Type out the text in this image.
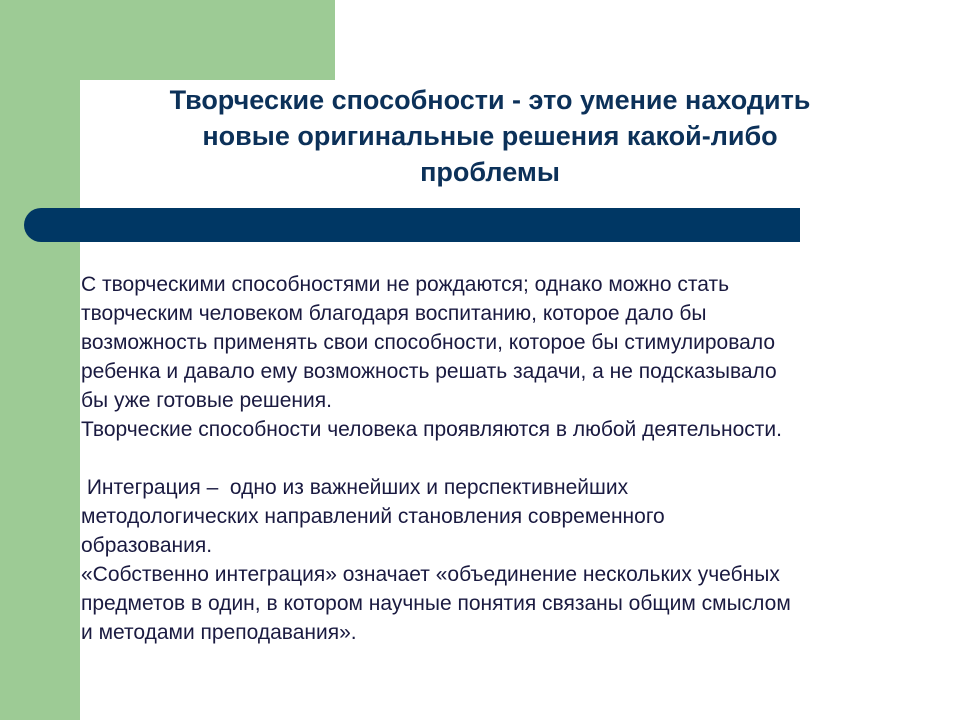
Творческие способности - это умение находить
новые оригинальные решения какой-либо
проблемы
С творческими способностями не рождаются; однако можно стать
творческим человеком благодаря воспитанию, которое дало бы
возможность применять свои способности, которое бы стимулировало
ребенка и давало ему возможность решать задачи, а не подсказывало
бы уже готовые решения.
Творческие способности человека проявляются в любой деятельности.
Интеграция –  одно из важнейших и перспективнейших
методологических направлений становления современного
образования.
«Собственно интеграция» означает «объединение нескольких учебных
предметов в один, в котором научные понятия связаны общим смыслом
и методами преподавания».
